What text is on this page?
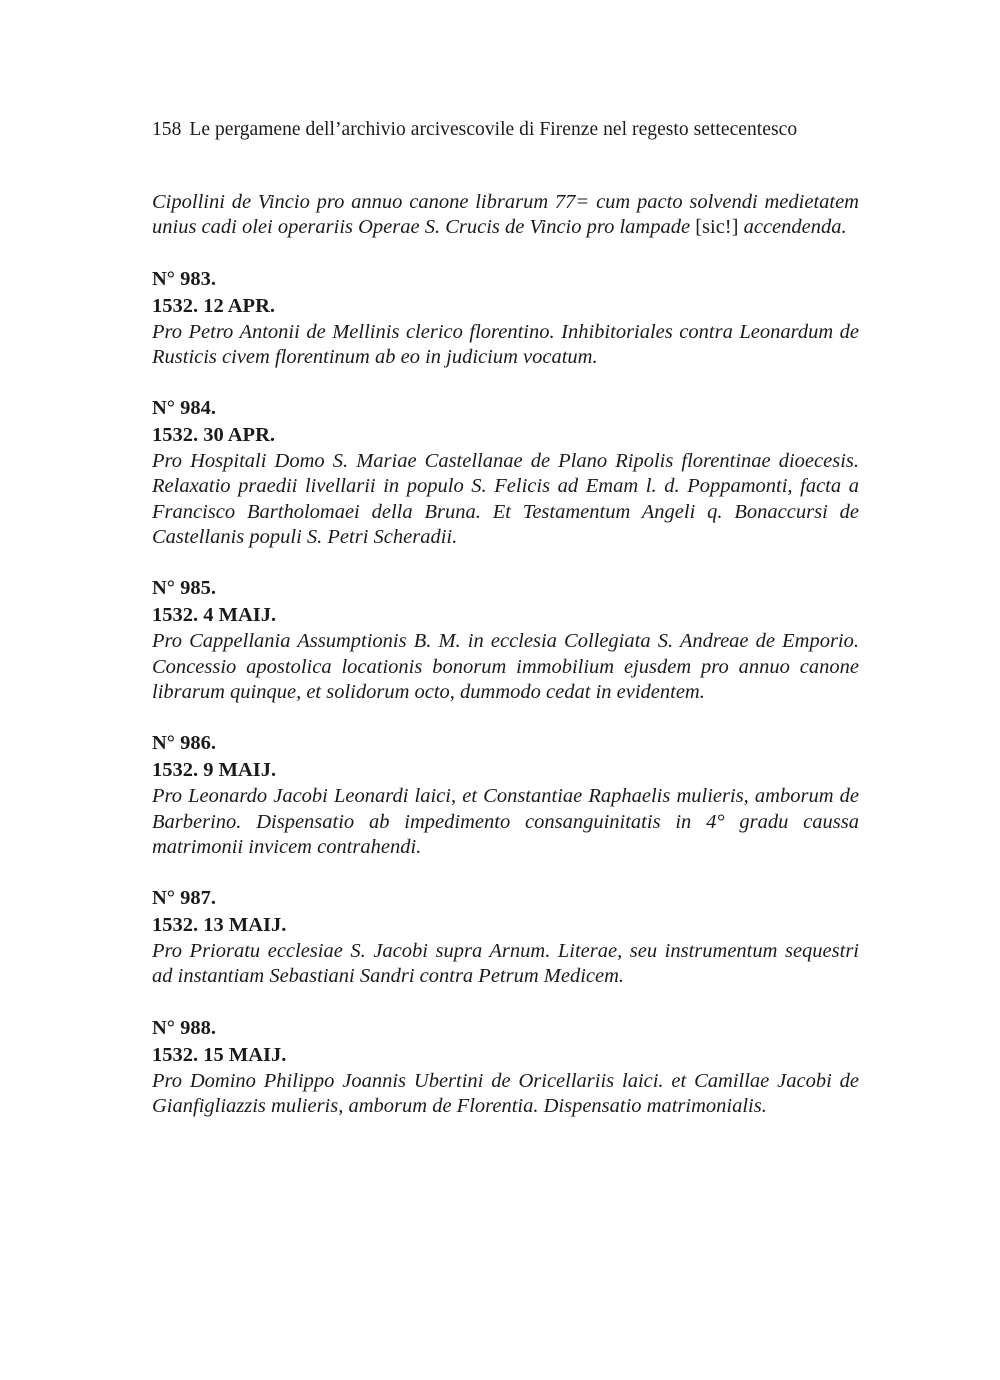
158 Le pergamene dell’archivio arcivescovile di Firenze nel regesto settecentesco

Cipollini de Vincio pro annuo canone librarum 77= cum pacto solvendi medietatem unius cadi olei operariis Operae S. Crucis de Vincio pro lampade [sic!] accendenda.

N° 983.

1532. 12 APR.

Pro Petro Antonii de Mellinis clerico florentino. Inhibitoriales contra Leonardum de Rusticis civem florentinum ab eo in judicium vocatum.

N° 984.

1532. 30 APR.

Pro Hospitali Domo S. Mariae Castellanae de Plano Ripolis florentinae dioecesis. Relaxatio praedii livellarii in populo S. Felicis ad Emam l. d. Poppamonti, facta a Francisco Bartholomaei della Bruna. Et Testamentum Angeli q. Bonaccursi de Castellanis populi S. Petri Scheradii.

N° 985.

1532. 4 MAIJ.

Pro Cappellania Assumptionis B. M. in ecclesia Collegiata S. Andreae de Emporio. Concessio apostolica locationis bonorum immobilium ejusdem pro annuo canone librarum quinque, et solidorum octo, dummodo cedat in evidentem.

N° 986.

1532. 9 MAIJ.

Pro Leonardo Jacobi Leonardi laici, et Constantiae Raphaelis mulieris, amborum de Barberino. Dispensatio ab impedimento consanguinitatis in 4° gradu caussa matrimonii invicem contrahendi.

N° 987.

1532. 13 MAIJ.

Pro Prioratu ecclesiae S. Jacobi supra Arnum. Literae, seu instrumentum sequestri ad instantiam Sebastiani Sandri contra Petrum Medicem.

N° 988.

1532. 15 MAIJ.

Pro Domino Philippo Joannis Ubertini de Oricellariis laici. et Camillae Jacobi de Gianfigliazzis mulieris, amborum de Florentia. Dispensatio matrimonialis.
